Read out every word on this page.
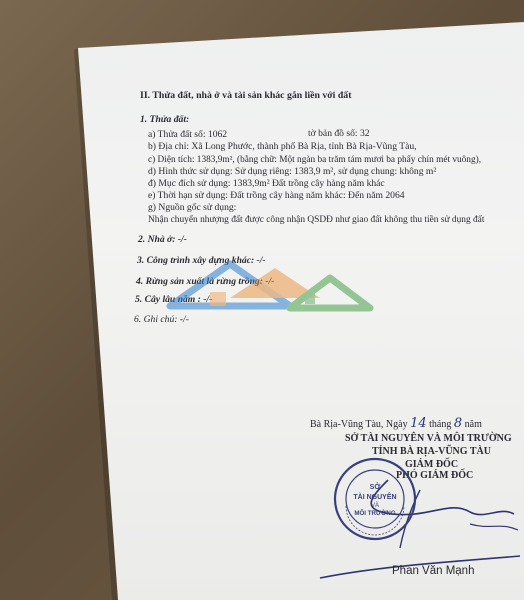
II. Thửa đất, nhà ở và tài sản khác gắn liền với đất
1. Thửa đất:
a) Thửa đất số: 1062	tờ bản đồ số: 32
b) Địa chỉ: Xã Long Phước, thành phố Bà Rịa, tỉnh Bà Rịa-Vũng Tàu,
c) Diện tích: 1383,9m², (bằng chữ: Một ngàn ba trăm tám mươi ba phẩy chín mét vuông),
d) Hình thức sử dụng: Sử dụng riêng: 1383,9 m², sử dụng chung: không m²
đ) Mục đích sử dụng: 1383,9m² Đất trồng cây hàng năm khác
e) Thời hạn sử dụng: Đất trồng cây hàng năm khác: Đến năm 2064
g) Nguồn gốc sử dụng:
Nhận chuyển nhượng đất được công nhận QSDĐ như giao đất không thu tiền sử dụng đất
2. Nhà ở: -/-
3. Công trình xây dựng khác: -/-
4. Rừng sản xuất là rừng trồng: -/-
5. Cây lâu năm : -/-
6. Ghi chú: -/-
Bà Rịa-Vũng Tàu, Ngày 14 tháng 8 năm
SỞ TÀI NGUYÊN VÀ MÔI TRƯỜNG
TỈNH BÀ RỊA-VŨNG TÀU
GIÁM ĐỐC
PHÓ GIÁM ĐỐC
SỞ
TÀI NGUYÊN
VÀ
MÔI TRƯỜNG
Phan Văn Mạnh
